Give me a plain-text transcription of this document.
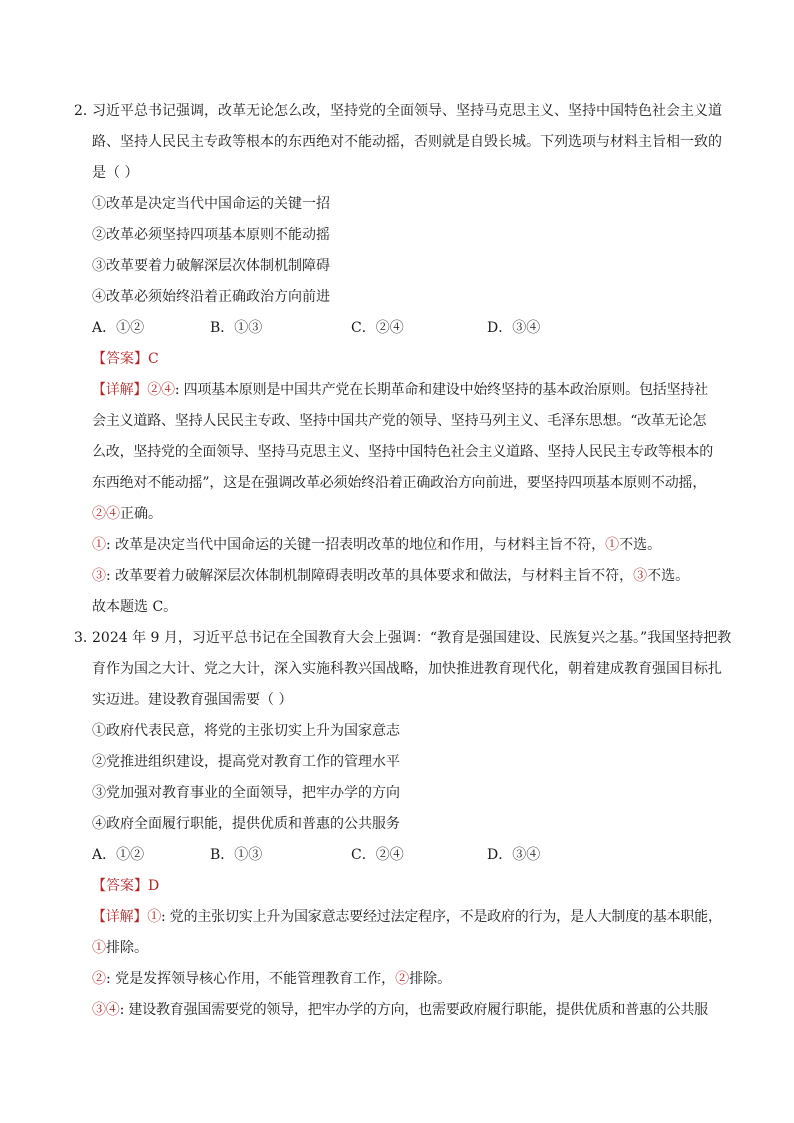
2．
习近平总书记强调，改革无论怎么改，坚持党的全面领导、坚持马克思主义、坚持中国特色社会主义道
路、坚持人民民主专政等根本的东西绝对不能动摇，否则就是自毁长城。下列选项与材料主旨相一致的
是（ ）
①改革是决定当代中国命运的关键一招
②改革必须坚持四项基本原则不能动摇
③改革要着力破解深层次体制机制障碍
④改革必须始终沿着正确政治方向前进
A．①②	B．①③	C．②④	D．③④
【答案】C
【详解】②④: 四项基本原则是中国共产党在长期革命和建设中始终坚持的基本政治原则。包括坚持社
会主义道路、坚持人民民主专政、坚持中国共产党的领导、坚持马列主义、毛泽东思想。“改革无论怎
么改，坚持党的全面领导、坚持马克思主义、坚持中国特色社会主义道路、坚持人民民主专政等根本的
东西绝对不能动摇”，这是在强调改革必须始终沿着正确政治方向前进，要坚持四项基本原则不动摇，
②④正确。
①: 改革是决定当代中国命运的关键一招表明改革的地位和作用，与材料主旨不符，①不选。
③: 改革要着力破解深层次体制机制障碍表明改革的具体要求和做法，与材料主旨不符，③不选。
故本题选 C。
3．
2024 年 9 月，习近平总书记在全国教育大会上强调：“教育是强国建设、民族复兴之基。”我国坚持把教
育作为国之大计、党之大计，深入实施科教兴国战略，加快推进教育现代化，朝着建成教育强国目标扎
实迈进。建设教育强国需要（ ）
①政府代表民意，将党的主张切实上升为国家意志
②党推进组织建设，提高党对教育工作的管理水平
③党加强对教育事业的全面领导，把牢办学的方向
④政府全面履行职能，提供优质和普惠的公共服务
A．①②	B．①③	C．②④	D．③④
【答案】D
【详解】①: 党的主张切实上升为国家意志要经过法定程序，不是政府的行为，是人大制度的基本职能，
①排除。
②: 党是发挥领导核心作用，不能管理教育工作，②排除。
③④: 建设教育强国需要党的领导，把牢办学的方向，也需要政府履行职能，提供优质和普惠的公共服
